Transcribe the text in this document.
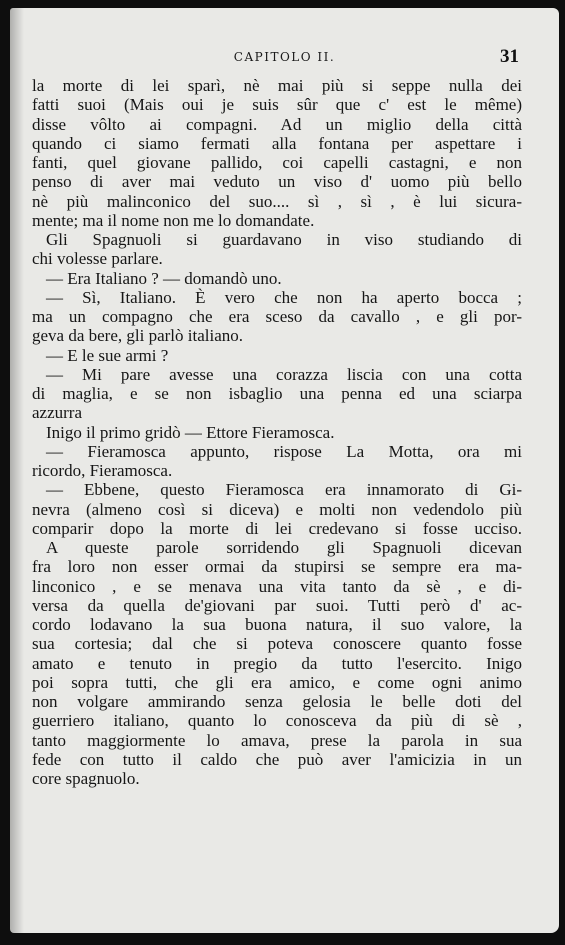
CAPITOLO II.	31
la morte di lei sparì, nè mai più si seppe nulla dei
fatti suoi (Mais oui je suis sûr que c' est le même)
disse vôlto ai compagni. Ad un miglio della città
quando ci siamo fermati alla fontana per aspettare i
fanti, quel giovane pallido, coi capelli castagni, e non
penso di aver mai veduto un viso d' uomo più bello
nè più malinconico del suo.... sì , sì , è lui sicura-
mente; ma il nome non me lo domandate.
Gli Spagnuoli si guardavano in viso studiando di
chi volesse parlare.
— Era Italiano ? — domandò uno.
— Sì, Italiano. È vero che non ha aperto bocca ;
ma un compagno che era sceso da cavallo , e gli por-
geva da bere, gli parlò italiano.
— E le sue armi ?
— Mi pare avesse una corazza liscia con una cotta
di maglia, e se non isbaglio una penna ed una sciarpa
azzurra
Inigo il primo gridò — Ettore Fieramosca.
— Fieramosca appunto, rispose La Motta, ora mi
ricordo, Fieramosca.
— Ebbene, questo Fieramosca era innamorato di Gi-
nevra (almeno così si diceva) e molti non vedendolo più
comparir dopo la morte di lei credevano si fosse ucciso.
A queste parole sorridendo gli Spagnuoli dicevan
fra loro non esser ormai da stupirsi se sempre era ma-
linconico , e se menava una vita tanto da sè , e di-
versa da quella de'giovani par suoi. Tutti però d' ac-
cordo lodavano la sua buona natura, il suo valore, la
sua cortesia; dal che si poteva conoscere quanto fosse
amato e tenuto in pregio da tutto l'esercito. Inigo
poi sopra tutti, che gli era amico, e come ogni animo
non volgare ammirando senza gelosia le belle doti del
guerriero italiano, quanto lo conosceva da più di sè ,
tanto maggiormente lo amava, prese la parola in sua
fede con tutto il caldo che può aver l'amicizia in un
core spagnuolo.
